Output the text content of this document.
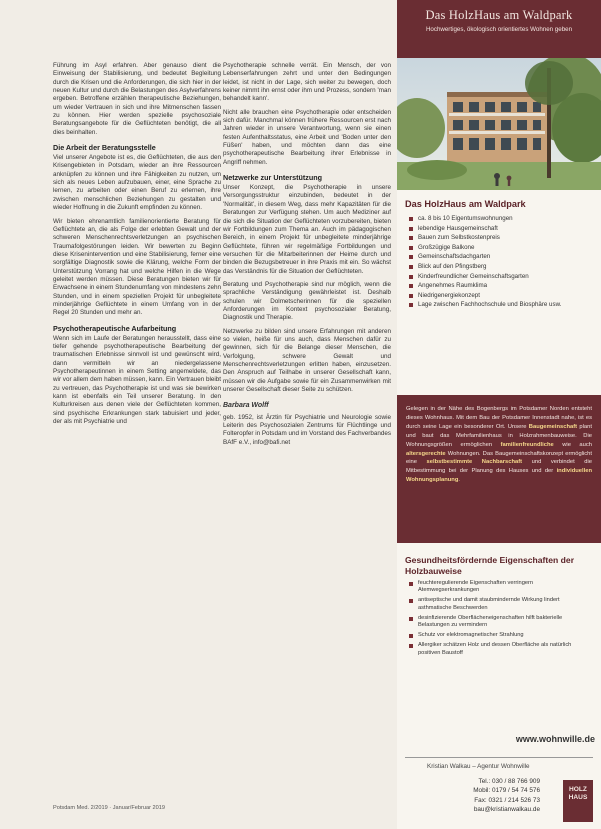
Führung im Asyl erfahren. Aber genauso dient die Einweisung der Stabilisierung, und bedeutet Begleitung durch die Krisen und die Anforderungen, die sich hier in der neuen Kultur und durch die Belastungen des Asylverfahrens ergeben. Betroffene erzählen therapeutische Beziehungen, um wieder Vertrauen in sich und ihre Mitmenschen fassen zu können. Hier werden spezielle psychosoziale Beratungsangebote für die Geflüchteten benötigt, die all dies beinhalten.

Die Arbeit der Beratungsstelle

Viel unserer Angebote ist es, die Geflüchteten, die aus den Krisengebieten in Potsdam, wieder an ihre Ressourcen anknüpfen zu können und ihre Fähigkeiten zu nutzen, um sich als neues Leben aufzubauen, einer, eine Sprache zu lernen, zu arbeiten oder einen Beruf zu erlernen, ihre zwischen menschlichen Beziehungen zu gestalten und wieder Hoffnung in die Zukunft empfinden zu können.

Wir bieten ehrenamtlich familienorientierte Beratung für Geflüchtete an, die als Folge der erlebten Gewalt und der schweren Menschenrechtsverletzungen an psychischen Traumafolgestörungen leiden. Wir bewerten zu Beginn diese Krisenintervention und eine Stabilisierung, ferner eine sorgfältige Diagnostik sowie die Klärung, welche Form der Unterstützung Vorrang hat und welche Hilfen in die Wege geleitet werden müssen. Diese Beratungen bieten wir für Erwachsene in einem Stundenumfang von mindestens zehn Stunden, und in einem speziellen Projekt für unbegleitete minderjährige Geflüchtete in einem Umfang von in der Regel 20 Stunden und mehr an.

Psychotherapeutische Aufarbeitung

Wenn sich im Laufe der Beratungen herausstellt, dass eine tiefer gehende psychotherapeutische Bearbeitung der traumatischen Erlebnisse sinnvoll ist und gewünscht wird, dann vermitteln wir an niedergelassene Psychotherapeutinnen in einem Setting angemeldete, das wir vor allem dem haben müssen, kann. Ein Vertrauen bleibt zu vertreuen, das Psychotherapie ist und was sie bewirken kann ist ebenfalls ein Teil unserer Beratung. In den Kulturkreisen aus denen viele der Geflüchteten kommen, sind psychische Erkrankungen stark tabuisiert und jeder, der als mit Psychiatrie und

Psychotherapie schnelle verrät. Ein Mensch, der von Lebenserfahrungen zehrt und unter den Bedingungen leidet, ist nicht in der Lage, sich weiter zu bewegen, doch keiner nimmt ihn ernst oder ihm und Prozess, sondern 'man behandelt kann'.

Nicht alle brauchen eine Psychotherapie oder entscheiden sich dafür. Manchmal können frühere Ressourcen erst nach Jahren wieder in unsere Verantwortung, wenn sie einen festen Aufenthaltsstatus, eine Arbeit und 'Boden unter den Füßen' haben, und möchten dann das eine psychotherapeutische Bearbeitung ihrer Erlebnisse in Angriff nehmen.

Netzwerke zur Unterstützung

Unser Konzept, die Psychotherapie in unsere Versorgungsstruktur einzubinden, bedeutet in der 'Normalität', in diesem Weg, dass mehr Kapazitäten für die Beratungen zur Verfügung stehen. Um auch Mediziner auf die sich die Situation der Geflüchteten vorzubereiten, bieten wir Fortbildungen zum Thema an. Auch im pädagogischen Bereich, in einem Projekt für unbegleitete minderjährige Geflüchtete, führen wir regelmäßige Fortbildungen und versuchen für die Mitarbeiterinnen der Heime durch und binden die Bezugsbetreuer in ihre Praxis mit ein. So wächst das Verständnis für die Situation der Geflüchteten.

Beratung und Psychotherapie sind nur möglich, wenn die sprachliche Verständigung gewährleistet ist. Deshalb schulen wir Dolmetscherinnen für die speziellen Anforderungen im Kontext psychosozialer Beratung, Diagnostik und Therapie.

Netzwerke zu bilden sind unsere Erfahrungen mit anderen so vielen, heiße für uns auch, dass Menschen dafür zu gewinnen, sich für die Belange dieser Menschen, die Verfolgung, schwere Gewalt und Menschenrechtsverletzungen erlitten haben, einzusetzen. Den Anspruch auf Teilhabe in unserer Gesellschaft kann, müssen wir die Aufgabe sowie für ein Zusammenwirken mit unserer Gesellschaft dieser Seite zu schützen.

Barbara Wolff

geb. 1952, ist Ärztin für Psychiatrie und Neurologie sowie Leiterin des Psychosozialen Zentrums für Flüchtlinge und Folteropfer in Potsdam und im Vorstand des Fachverbandes BAfF e.V., info@bafi.net

Potsdam Med. 2/2019 · Januar/Februar 2019
Das HolzHaus am Waldpark
Hochwertiges, ökologisch orientiertes Wohnen geben
Das HolzHaus am Waldpark
ca. 8 bis 10 Eigentumswohnungen
lebendige Hausgemeinschaft
Bauen zum Selbstkostenpreis
Großzügige Balkone
Gemeinschaftsdachgarten
Blick auf den Pfingstberg
Kinderfreundlicher Gemeinschaftsgarten
Angenehmes Raumklima
Niedrigenergiekonzept
Lage zwischen Fachhochschule und Biosphäre usw.
Gelegen in der Nähe des Bogenbergs im Potsdamer Norden entsteht dieses Wohnhaus. Mit dem Bau der Potsdamer Innenstadt nahe, ist es durch seine Lage ein besonderer Ort. Unsere Baugemeinschaft plant und baut das Mehrfamilienhaus in Holzrahmenbauweise. Die Wohnungsgrößen ermöglichen familienfreundliche wie auch altersgerechte Wohnungen. Das Baugemeinschaftskonzept ermöglicht eine selbstbestimmte Nachbarschaft und verbindet die Mitbestimmung bei der Planung des Hauses und der individuellen Wohnungsplanung.
Gesundheitsfördernde Eigenschaften der Holzbauweise
feuchteregulierende Eigenschaften verringern Atemwegserkrankungen
antiseptische und damit staubmindernde Wirkung lindert asthmatische Beschwerden
desinfizierende Oberflächeneigenschaften hilft bakterielle Belastungen zu vermindern
Schutz vor elektromagnetischer Strahlung
Allergiker schätzen Holz und dessen Oberfläche als natürlich positiven Baustoff
www.wohnwille.de
Kristian Walkau – Agentur Wohnwille
Tel.: 030 / 88 766 909
Mobil: 0179 / 54 74 576
Fax: 0321 / 214 526 73
bau@kristianwalkau.de
HOLZ
HAUS
